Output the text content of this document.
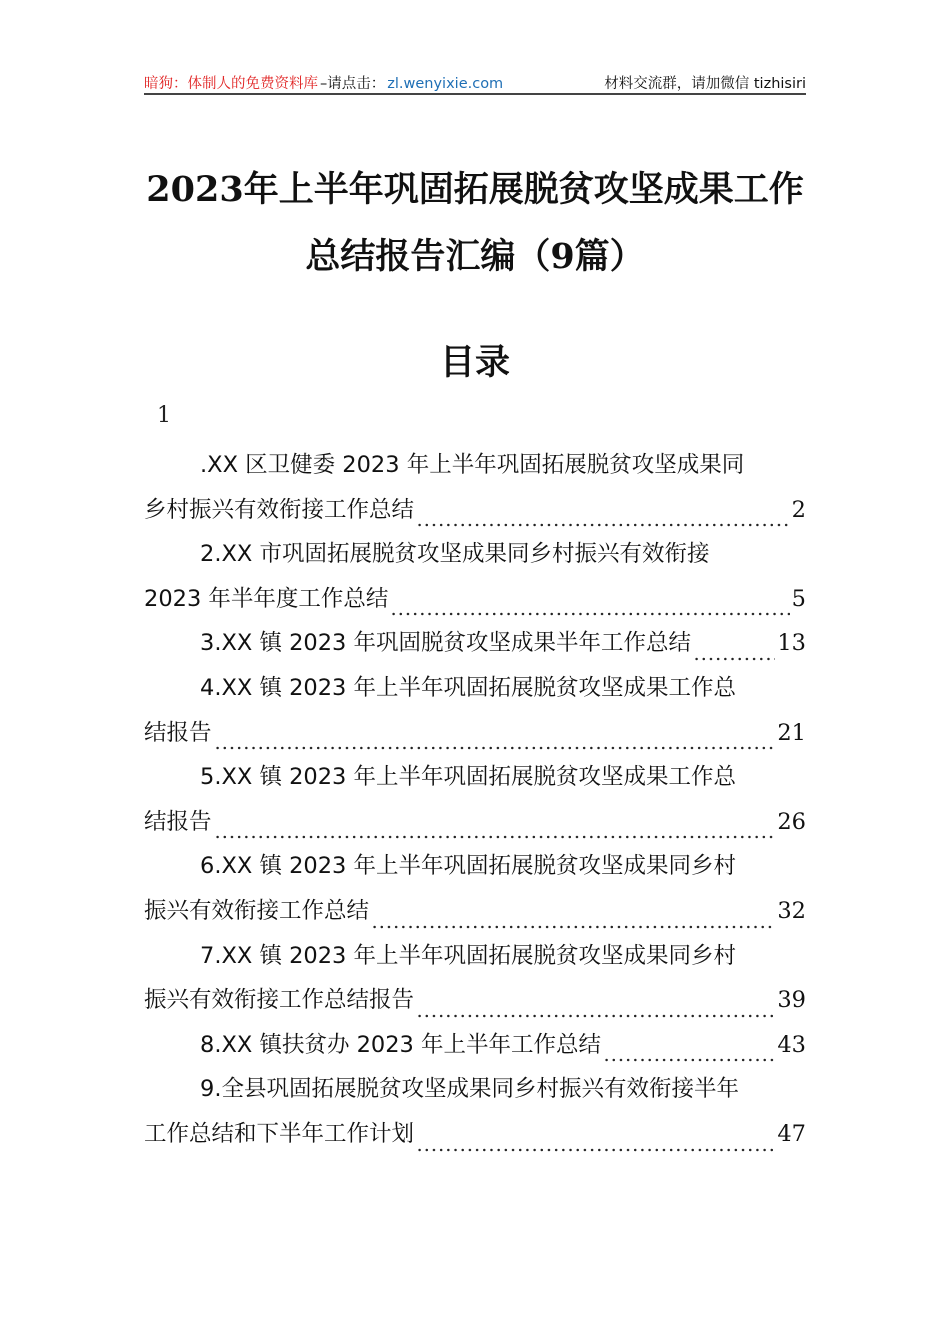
暗狗：体制人的免费资料库 –请点击： zl.wenyixie.com	材料交流群，请加微信 tizhisiri
2023年上半年巩固拓展脱贫攻坚成果工作
总结报告汇编（9篇）
目录
1
.XX 区卫健委 2023 年上半年巩固拓展脱贫攻坚成果同
乡村振兴有效衔接工作总结	2
2.XX 市巩固拓展脱贫攻坚成果同乡村振兴有效衔接
2023 年半年度工作总结	5
3.XX 镇 2023 年巩固脱贫攻坚成果半年工作总结	13
4.XX 镇 2023 年上半年巩固拓展脱贫攻坚成果工作总
结报告	21
5.XX 镇 2023 年上半年巩固拓展脱贫攻坚成果工作总
结报告	26
6.XX 镇 2023 年上半年巩固拓展脱贫攻坚成果同乡村
振兴有效衔接工作总结	32
7.XX 镇 2023 年上半年巩固拓展脱贫攻坚成果同乡村
振兴有效衔接工作总结报告	39
8.XX 镇扶贫办 2023 年上半年工作总结	43
9.全县巩固拓展脱贫攻坚成果同乡村振兴有效衔接半年
工作总结和下半年工作计划	47
